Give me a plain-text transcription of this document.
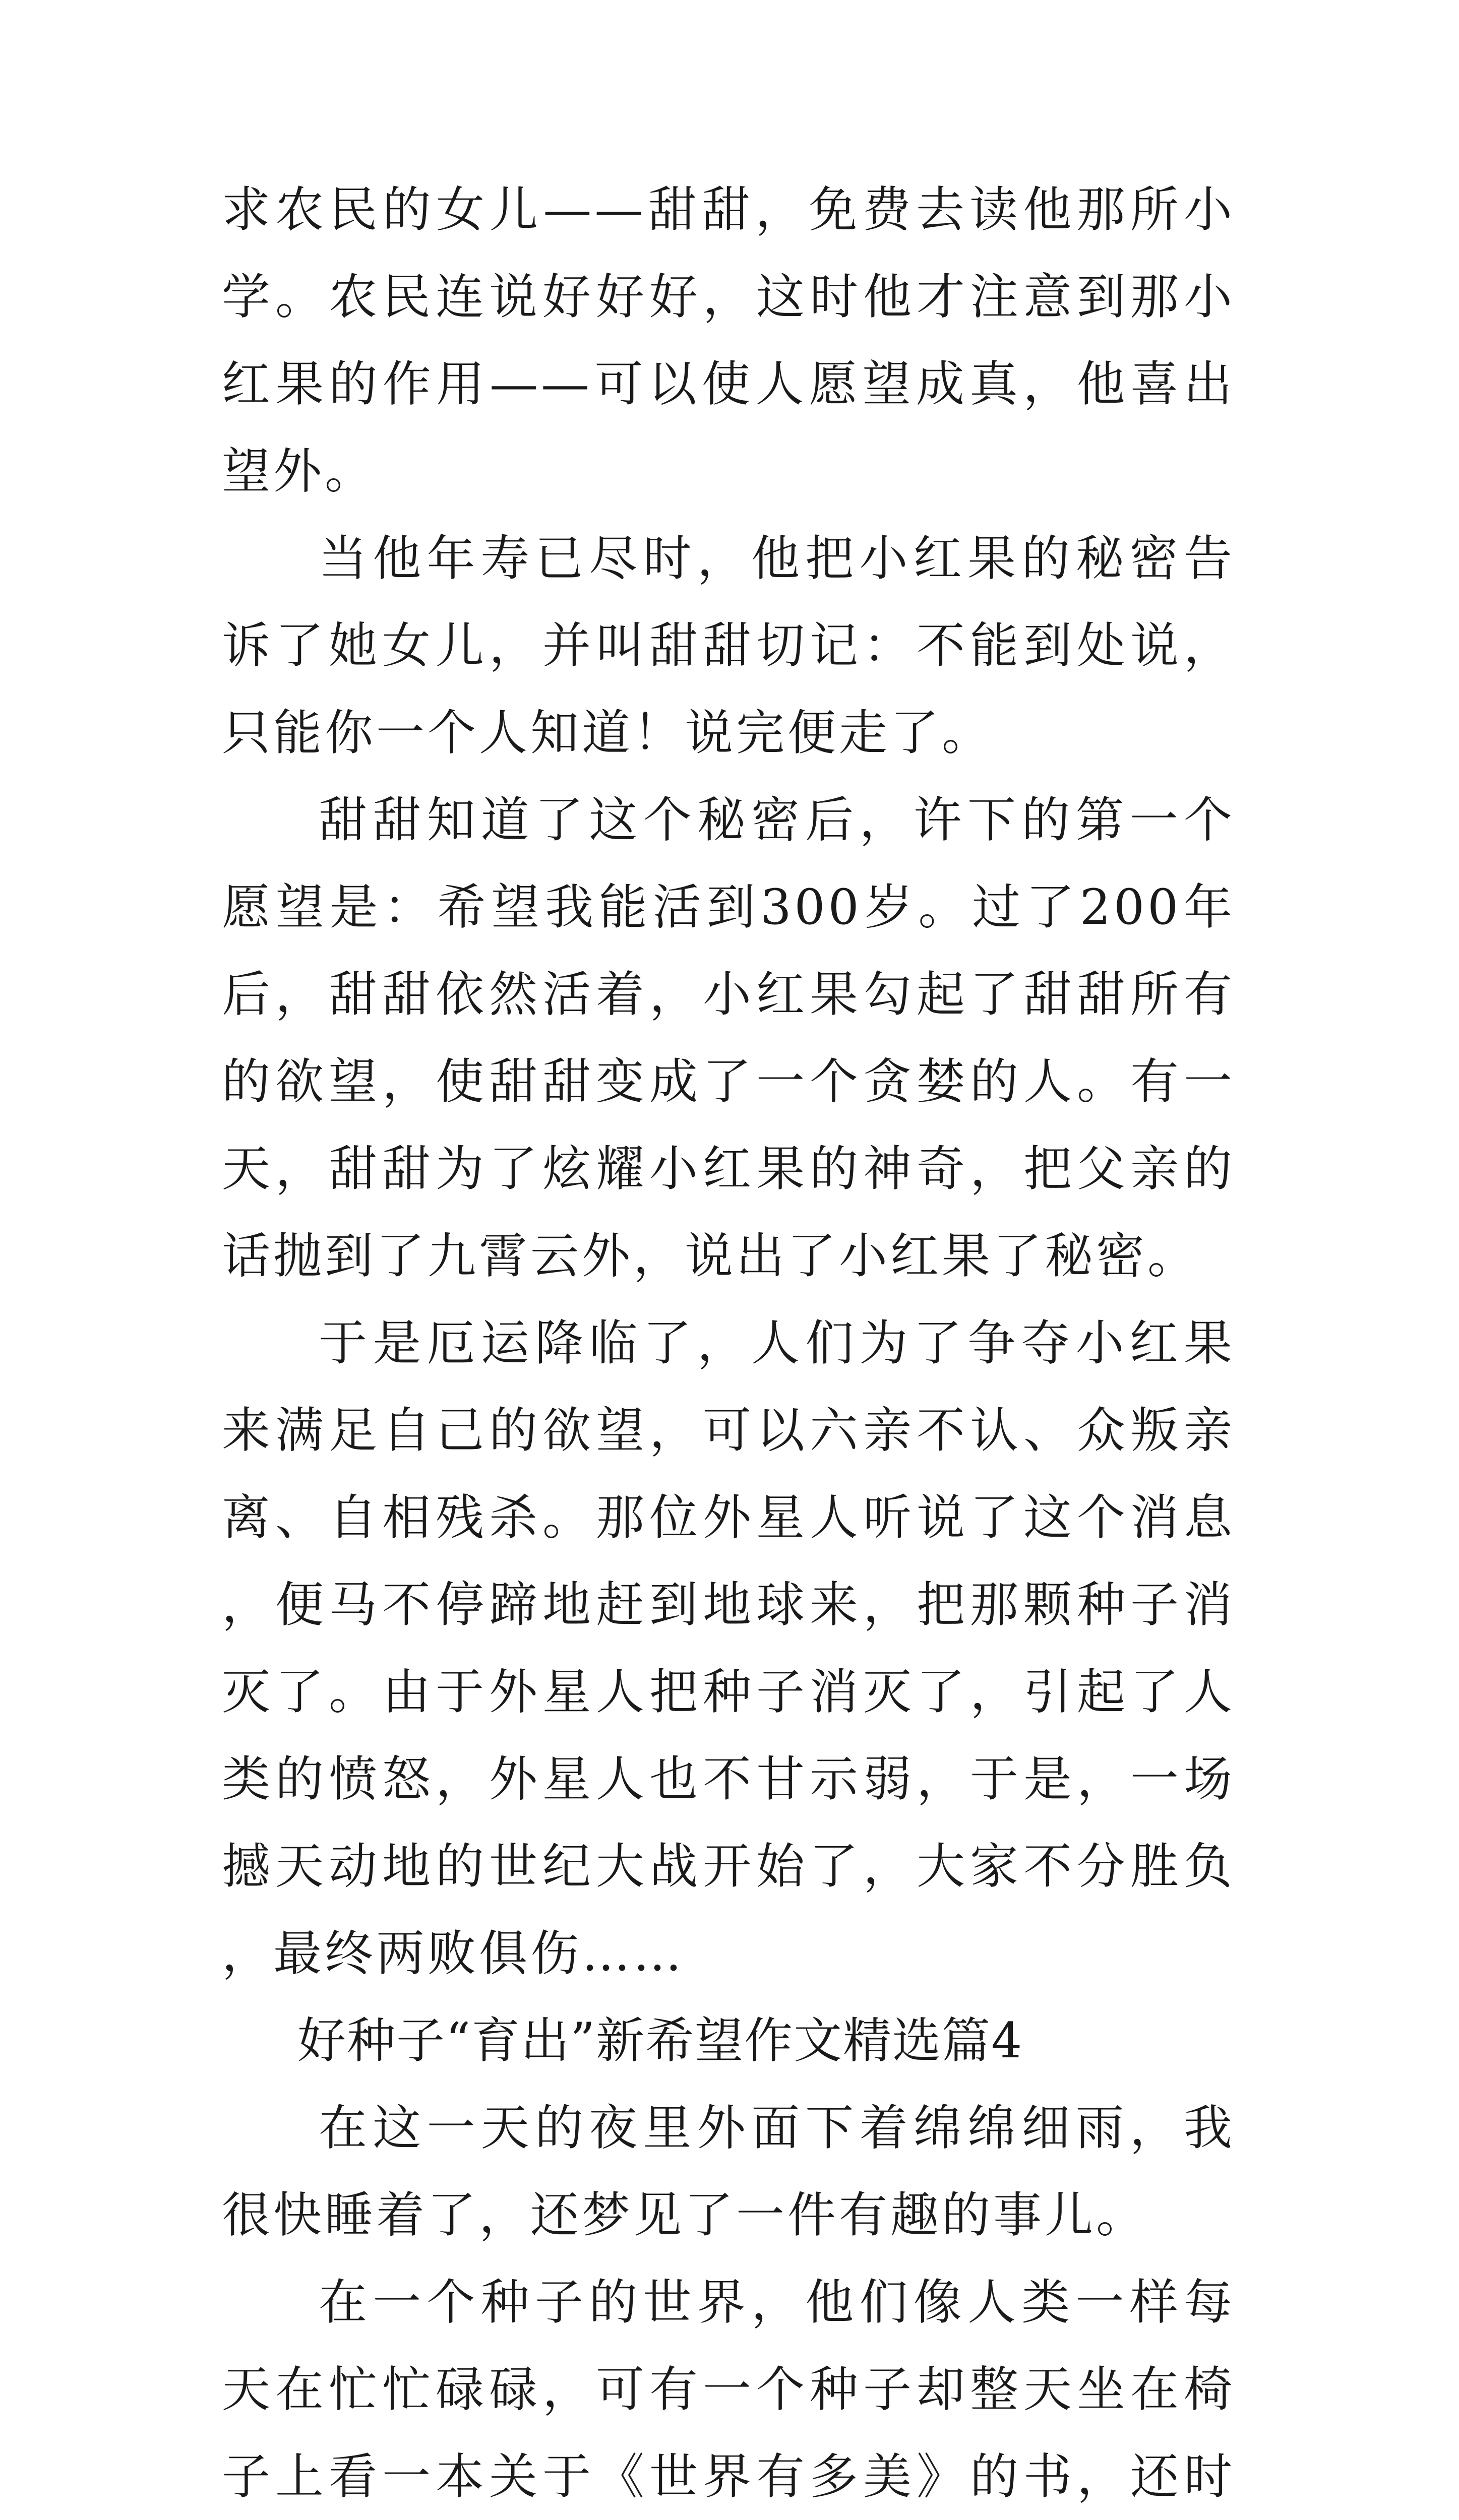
求农民的女儿——甜甜，免费去读他那所小学。农民连说好好好，这时他才注意到那小红果的作用——可以使人愿望成真，他喜出望外。

当他年寿已尽时，他把小红果的秘密告诉了她女儿，并叫甜甜切记：不能到处说，只能你一个人知道！说完便走了。

甜甜知道了这个秘密后，许下的第一个愿望是：希望我能活到300岁。过了200年后，甜甜依然活着，小红果勾起了甜甜所有的欲望，使甜甜变成了一个贪婪的人。有一天，甜甜为了炫耀小红果的神奇，把父亲的话抛到了九霄云外，说出了小红果了秘密。

于是厄运降临了，人们为了争夺小红果来满足自己的欲望，可以六亲不认、众叛亲离、自相残杀。那位外星人听说了这个消息，便马不停蹄地赶到地球来，把那颗种子消灭了。由于外星人把种子消灭了，引起了人类的愤怒，外星人也不甘示弱，于是，一场撼天动地的世纪大战开始了，大家不分胜负，最终两败俱伤……

好种子“育出”新希望作文精选篇4

在这一天的夜里外面下着绵绵细雨，我很快睡着了，还梦见了一件有趣的事儿。

在一个种子的世界，他们像人类一样每天在忙忙碌碌，可有一个种子却整天坐在椅子上看一本关于《世界有多美》的书，还时
